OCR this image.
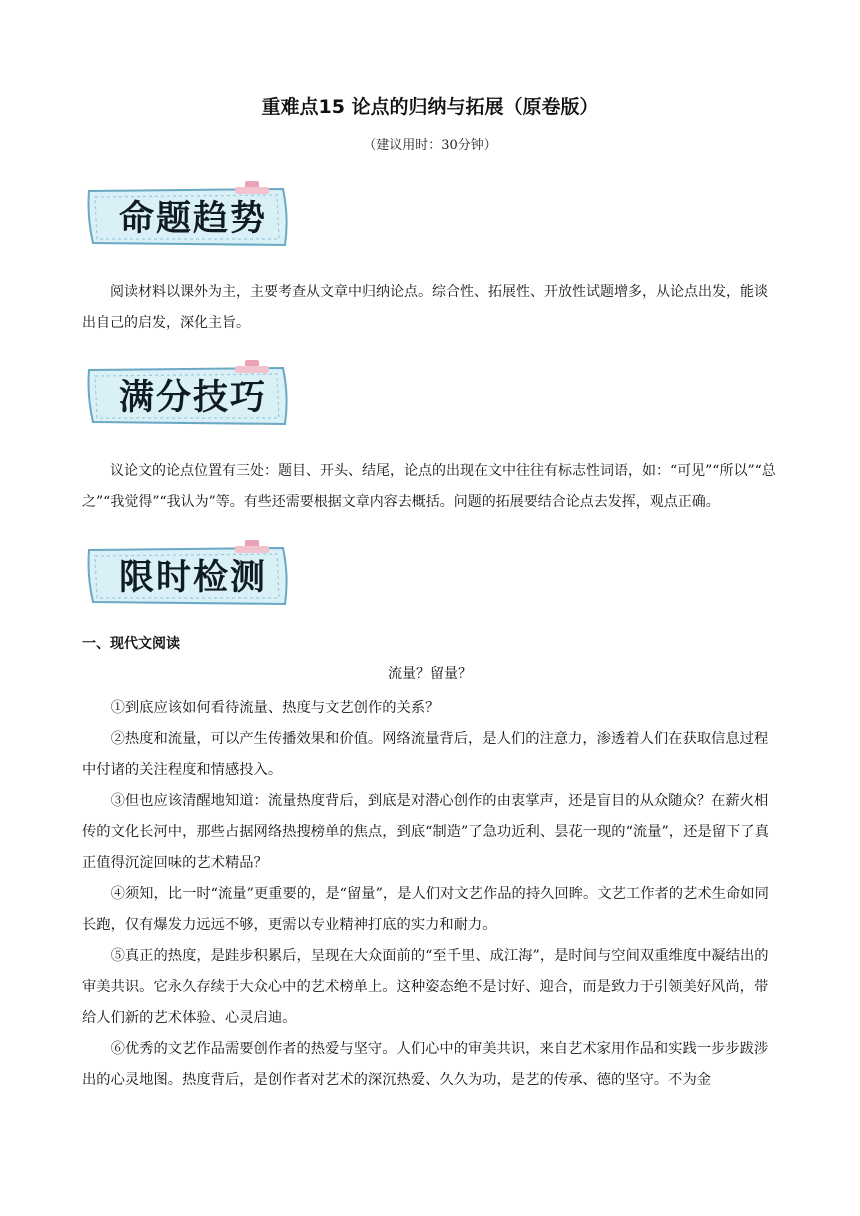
重难点15 论点的归纳与拓展（原卷版）
（建议用时：30分钟）
命题趋势

阅读材料以课外为主，主要考查从文章中归纳论点。综合性、拓展性、开放性试题增多，从论点出发，能谈出自己的启发，深化主旨。

满分技巧

议论文的论点位置有三处：题目、开头、结尾，论点的出现在文中往往有标志性词语，如：“可见”“所以”“总之”“我觉得”“我认为”等。有些还需要根据文章内容去概括。问题的拓展要结合论点去发挥，观点正确。

限时检测
一、现代文阅读
流量？留量？

①到底应该如何看待流量、热度与文艺创作的关系？

②热度和流量，可以产生传播效果和价值。网络流量背后，是人们的注意力，渗透着人们在获取信息过程中付诸的关注程度和情感投入。

③但也应该清醒地知道：流量热度背后，到底是对潜心创作的由衷掌声，还是盲目的从众随众？在薪火相传的文化长河中，那些占据网络热搜榜单的焦点，到底“制造”了急功近利、昙花一现的“流量”，还是留下了真正值得沉淀回味的艺术精品？

④须知，比一时“流量”更重要的，是“留量”，是人们对文艺作品的持久回眸。文艺工作者的艺术生命如同长跑，仅有爆发力远远不够，更需以专业精神打底的实力和耐力。

⑤真正的热度，是跬步积累后，呈现在大众面前的“至千里、成江海”，是时间与空间双重维度中凝结出的审美共识。它永久存续于大众心中的艺术榜单上。这种姿态绝不是讨好、迎合，而是致力于引领美好风尚，带给人们新的艺术体验、心灵启迪。

⑥优秀的文艺作品需要创作者的热爱与坚守。人们心中的审美共识，来自艺术家用作品和实践一步步跋涉出的心灵地图。热度背后，是创作者对艺术的深沉热爱、久久为功，是艺的传承、德的坚守。不为金
